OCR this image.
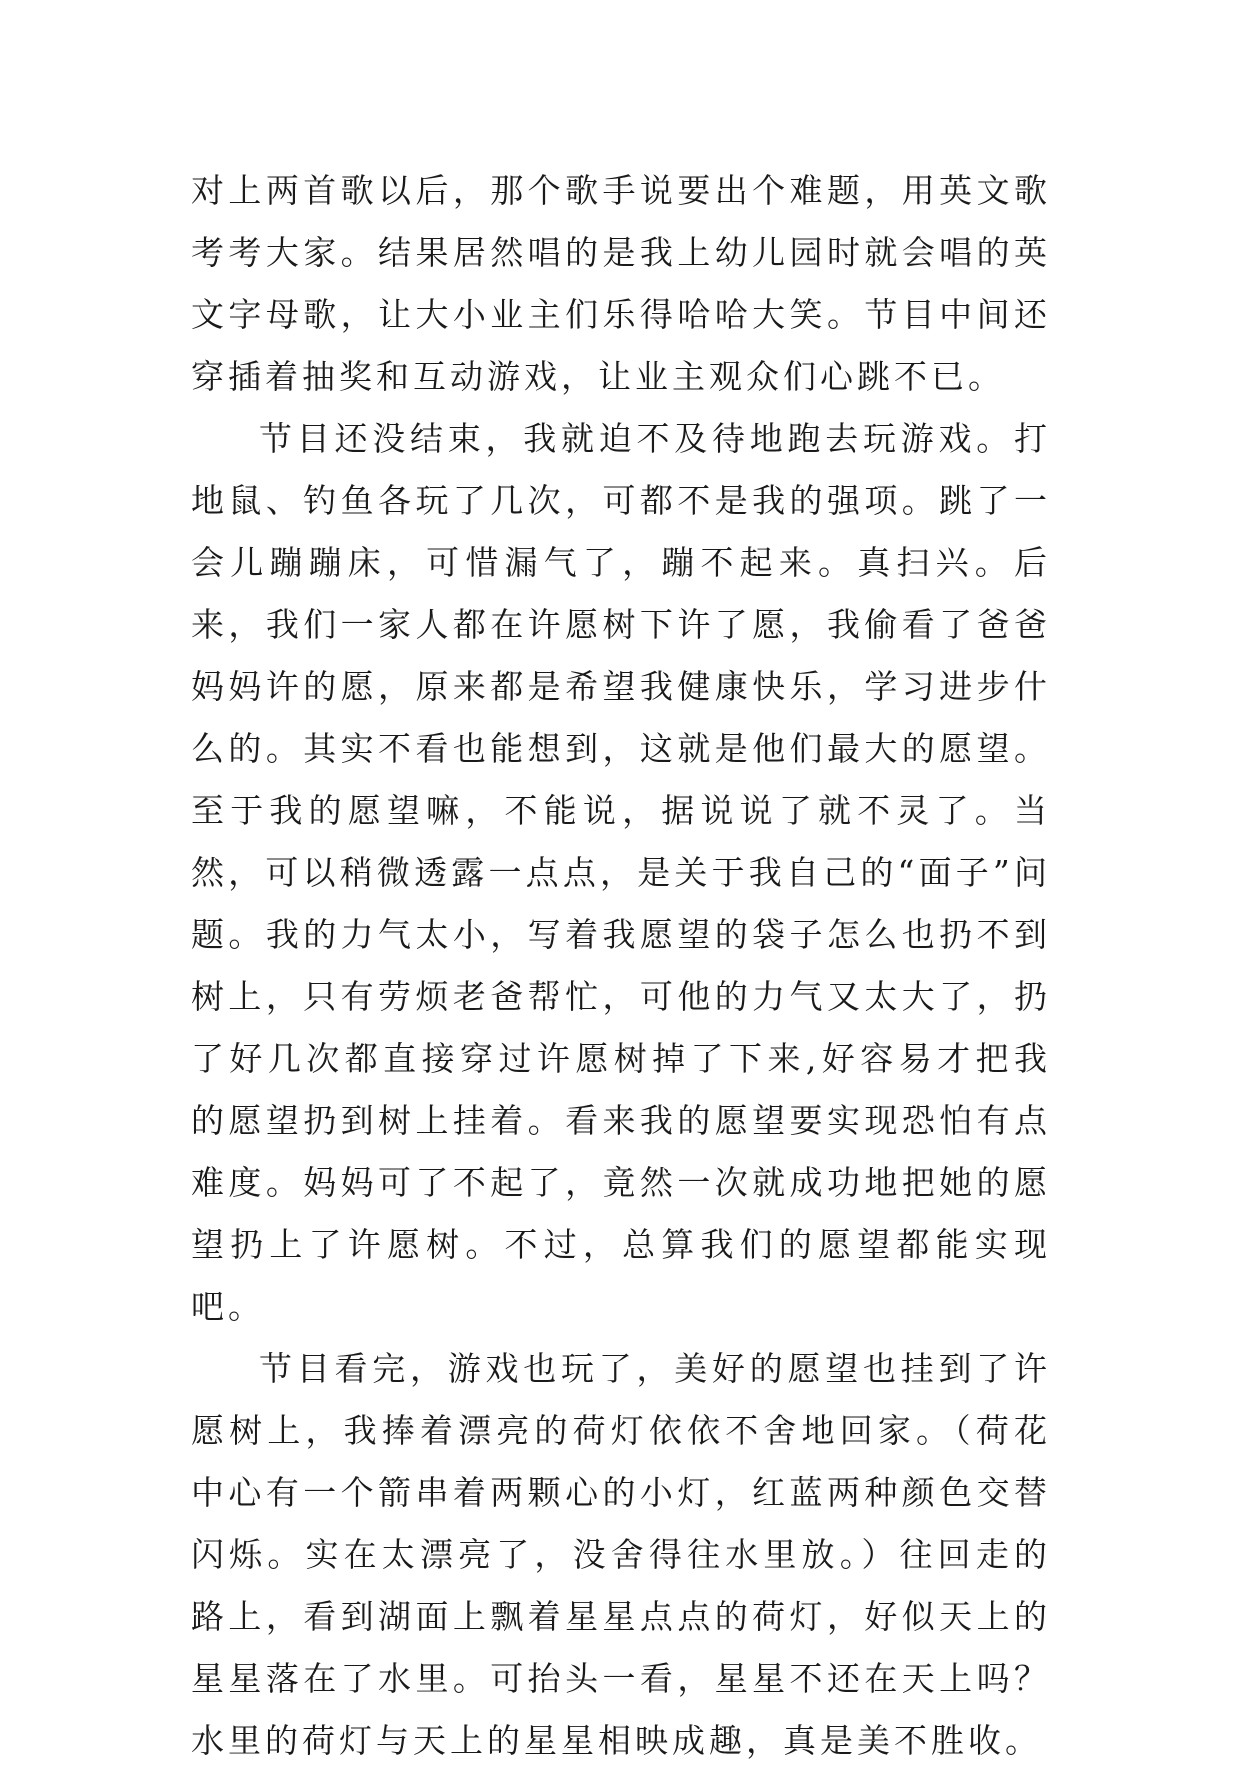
对上两首歌以后，那个歌手说要出个难题，用英文歌考考大家。结果居然唱的是我上幼儿园时就会唱的英文字母歌，让大小业主们乐得哈哈大笑。节目中间还穿插着抽奖和互动游戏，让业主观众们心跳不已。

节目还没结束，我就迫不及待地跑去玩游戏。打地鼠、钓鱼各玩了几次，可都不是我的强项。跳了一会儿蹦蹦床，可惜漏气了，蹦不起来。真扫兴。后来，我们一家人都在许愿树下许了愿，我偷看了爸爸妈妈许的愿，原来都是希望我健康快乐，学习进步什么的。其实不看也能想到，这就是他们最大的愿望。至于我的愿望嘛，不能说，据说说了就不灵了。当然，可以稍微透露一点点，是关于我自己的“面子”问题。我的力气太小，写着我愿望的袋子怎么也扔不到树上，只有劳烦老爸帮忙，可他的力气又太大了，扔了好几次都直接穿过许愿树掉了下来,好容易才把我的愿望扔到树上挂着。看来我的愿望要实现恐怕有点难度。妈妈可了不起了，竟然一次就成功地把她的愿望扔上了许愿树。不过，总算我们的愿望都能实现吧。

节目看完，游戏也玩了，美好的愿望也挂到了许愿树上，我捧着漂亮的荷灯依依不舍地回家。（荷花中心有一个箭串着两颗心的小灯，红蓝两种颜色交替闪烁。实在太漂亮了，没舍得往水里放。）往回走的路上，看到湖面上飘着星星点点的荷灯，好似天上的星星落在了水里。可抬头一看，星星不还在天上吗？水里的荷灯与天上的星星相映成趣，真是美不胜收。
